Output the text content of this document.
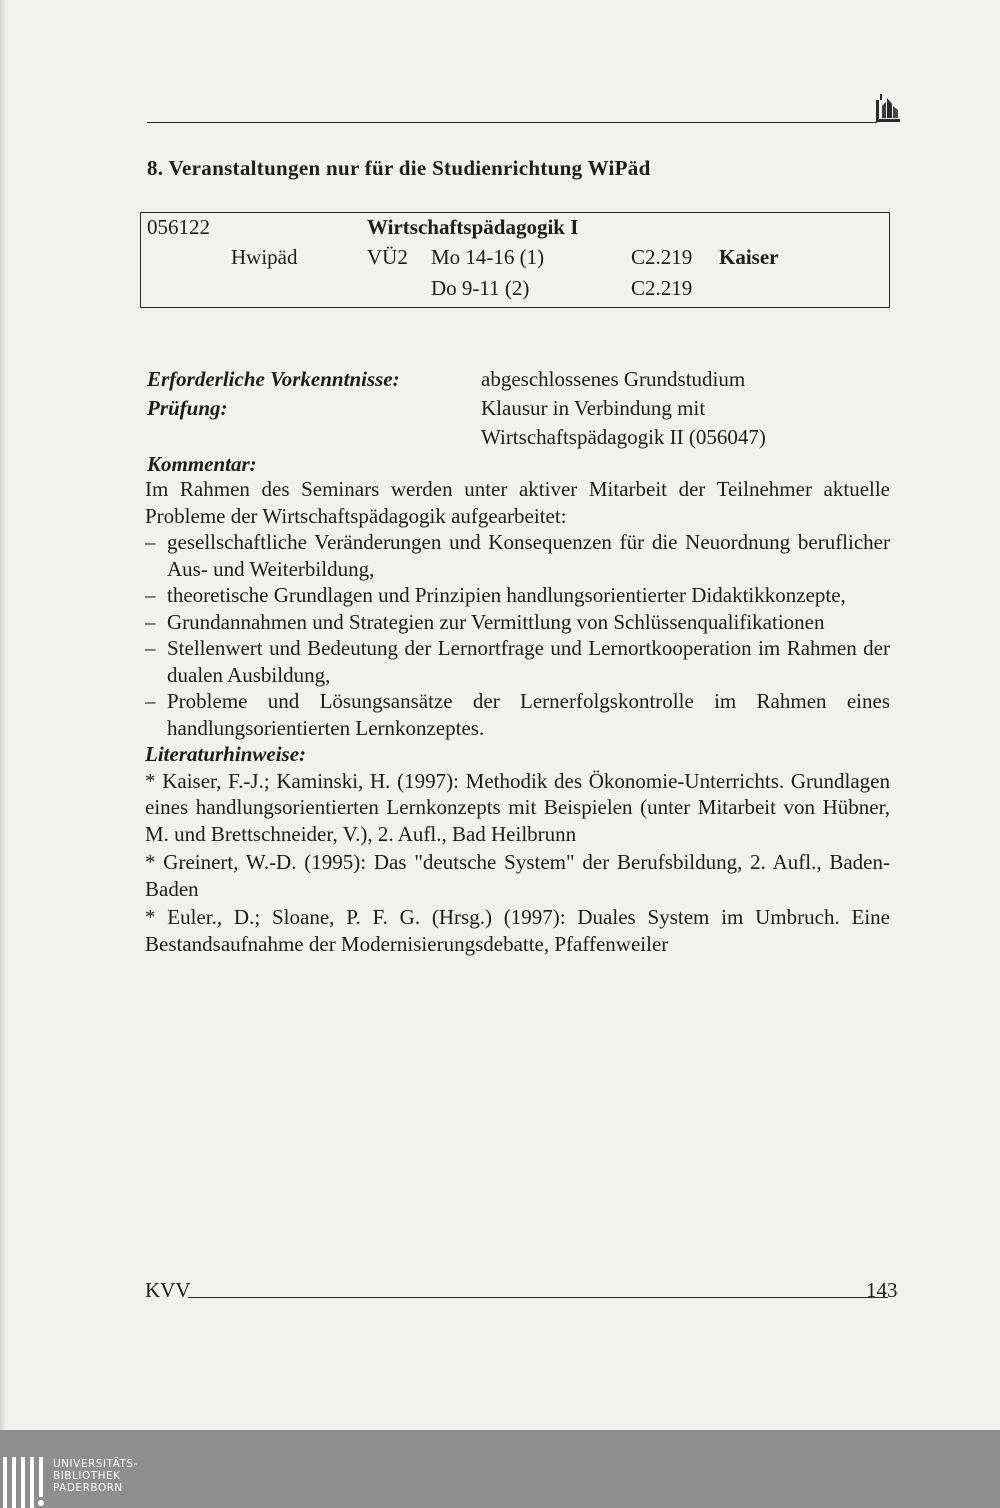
8. Veranstaltungen nur für die Studienrichtung WiPäd
056122	Wirtschaftspädagogik I
Hwipäd	VÜ2 Mo 14-16 (1)	C2.219 Kaiser
Do 9-11 (2)	C2.219
Erforderliche Vorkenntnisse:	abgeschlossenes Grundstudium
Prüfung:	Klausur in Verbindung mit
Wirtschaftspädagogik II (056047)
Kommentar:

Im Rahmen des Seminars werden unter aktiver Mitarbeit der Teilnehmer aktuelle Probleme der Wirtschaftspädagogik aufgearbeitet:

– gesellschaftliche Veränderungen und Konsequenzen für die Neuordnung beruflicher Aus- und Weiterbildung,
– theoretische Grundlagen und Prinzipien handlungsorientierter Didaktikkonzepte,
– Grundannahmen und Strategien zur Vermittlung von Schlüssenqualifikationen
– Stellenwert und Bedeutung der Lernortfrage und Lernortkooperation im Rahmen der dualen Ausbildung,
– Probleme und Lösungsansätze der Lernerfolgskontrolle im Rahmen eines handlungsorientierten Lernkonzeptes.

Literaturhinweise:

* Kaiser, F.-J.; Kaminski, H. (1997): Methodik des Ökonomie-Unterrichts. Grundlagen eines handlungsorientierten Lernkonzepts mit Beispielen (unter Mitarbeit von Hübner, M. und Brettschneider, V.), 2. Aufl., Bad Heilbrunn

* Greinert, W.-D. (1995): Das "deutsche System" der Berufsbildung, 2. Aufl., Baden-Baden

* Euler., D.; Sloane, P. F. G. (Hrsg.) (1997): Duales System im Umbruch. Eine Bestandsaufnahme der Modernisierungsdebatte, Pfaffenweiler

KVV	143
UNIVERSITÄTS-
BIBLIOTHEK
PADERBORN
